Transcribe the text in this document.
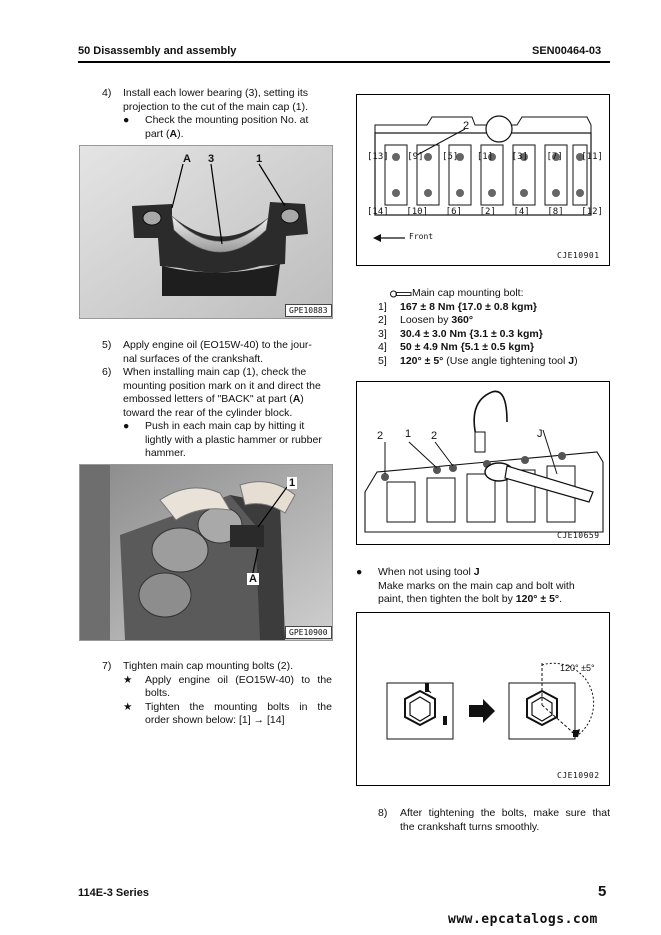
50 Disassembly and assembly	SEN00464-03
4) Install each lower bearing (3), setting its
projection to the cut of the main cap (1).
● Check the mounting position No. at
part (A).
A 3	1
GPE10883
5) Apply engine oil (EO15W-40) to the jour-
nal surfaces of the crankshaft.
6) When installing main cap (1), check the
mounting position mark on it and direct the
embossed letters of "BACK" at part (A)
toward the rear of the cylinder block.
● Push in each main cap by hitting it
lightly with a plastic hammer or rubber
hammer.
1
A
GPE10900
7) Tighten main cap mounting bolts (2).
★ Apply engine oil (EO15W-40) to the
bolts.
★ Tighten the mounting bolts in the
order shown below: [1] → [14]
2
[13] [9] [5] [1] [3] [7] [11]
[14] [10] [6] [2] [4] [8] [12]
Front
CJE10901
Main cap mounting bolt:
1] 167 ± 8 Nm {17.0 ± 0.8 kgm}
2] Loosen by 360°
3] 30.4 ± 3.0 Nm {3.1 ± 0.3 kgm}
4] 50 ± 4.9 Nm {5.1 ± 0.5 kgm}
5] 120° ± 5° (Use angle tightening tool J)
2 1 2	J
CJE10659
● When not using tool J
Make marks on the main cap and bolt with
paint, then tighten the bolt by 120° ± 5°.
120° ±5°
CJE10902
8) After tightening the bolts, make sure that
the crankshaft turns smoothly.
114E-3 Series	5
www.epcatalogs.com
